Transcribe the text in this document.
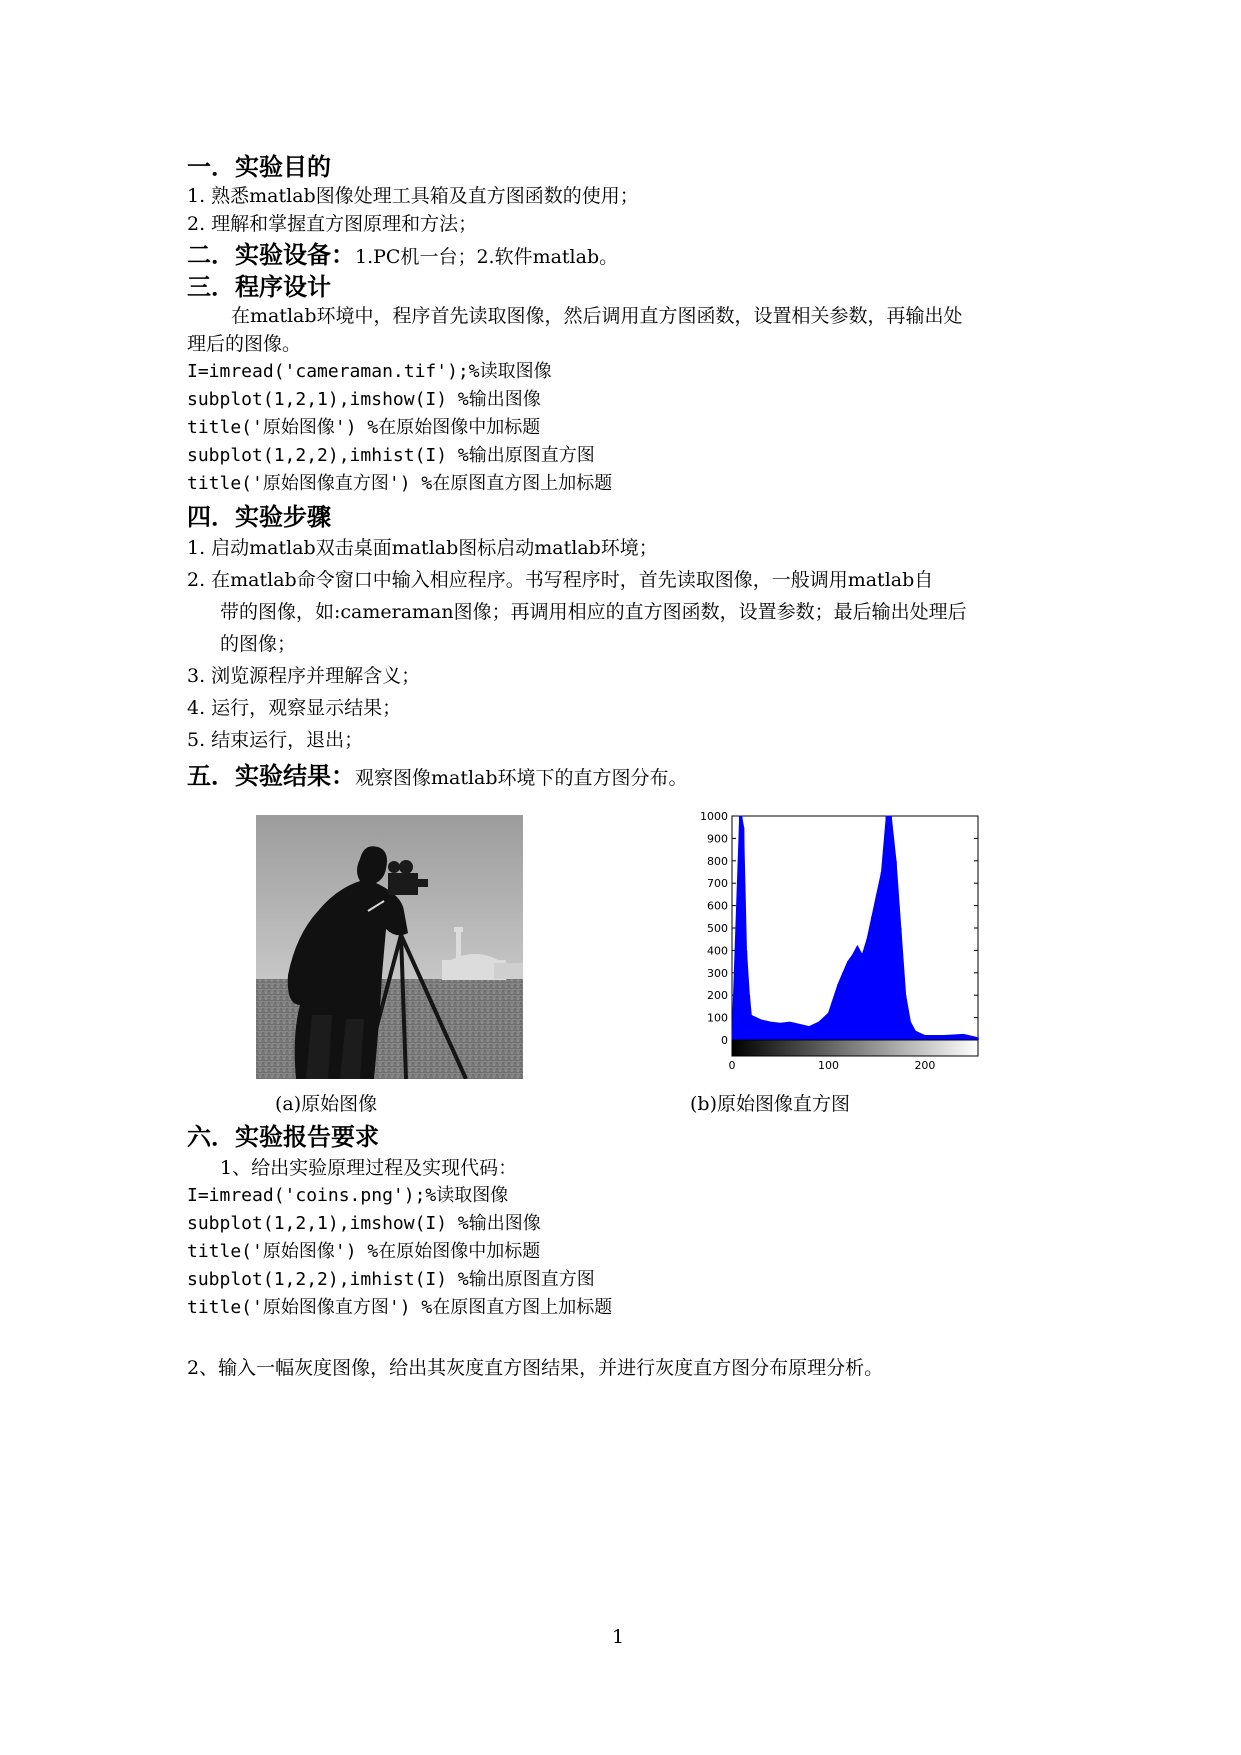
一．实验目的
1. 熟悉matlab图像处理工具箱及直方图函数的使用；
2. 理解和掌握直方图原理和方法；
二．实验设备：1.PC机一台；2.软件matlab。
三．程序设计
在matlab环境中，程序首先读取图像，然后调用直方图函数，设置相关参数，再输出处
理后的图像。
I=imread('cameraman.tif');%读取图像
subplot(1,2,1),imshow(I) %输出图像
title('原始图像') %在原始图像中加标题
subplot(1,2,2),imhist(I) %输出原图直方图
title('原始图像直方图') %在原图直方图上加标题
四．实验步骤
1. 启动matlab双击桌面matlab图标启动matlab环境；
2. 在matlab命令窗口中输入相应程序。书写程序时，首先读取图像，一般调用matlab自
带的图像，如:cameraman图像；再调用相应的直方图函数，设置参数；最后输出处理后
的图像；
3. 浏览源程序并理解含义；
4. 运行，观察显示结果；
5. 结束运行，退出；
五．实验结果：观察图像matlab环境下的直方图分布。
0
100
200
300
400
500
600
700
800
900
1000
0	100	200
(a)原始图像	(b)原始图像直方图
六．实验报告要求
1、给出实验原理过程及实现代码：
I=imread('coins.png');%读取图像
subplot(1,2,1),imshow(I) %输出图像
title('原始图像') %在原始图像中加标题
subplot(1,2,2),imhist(I) %输出原图直方图
title('原始图像直方图') %在原图直方图上加标题
2、输入一幅灰度图像，给出其灰度直方图结果，并进行灰度直方图分布原理分析。
1
